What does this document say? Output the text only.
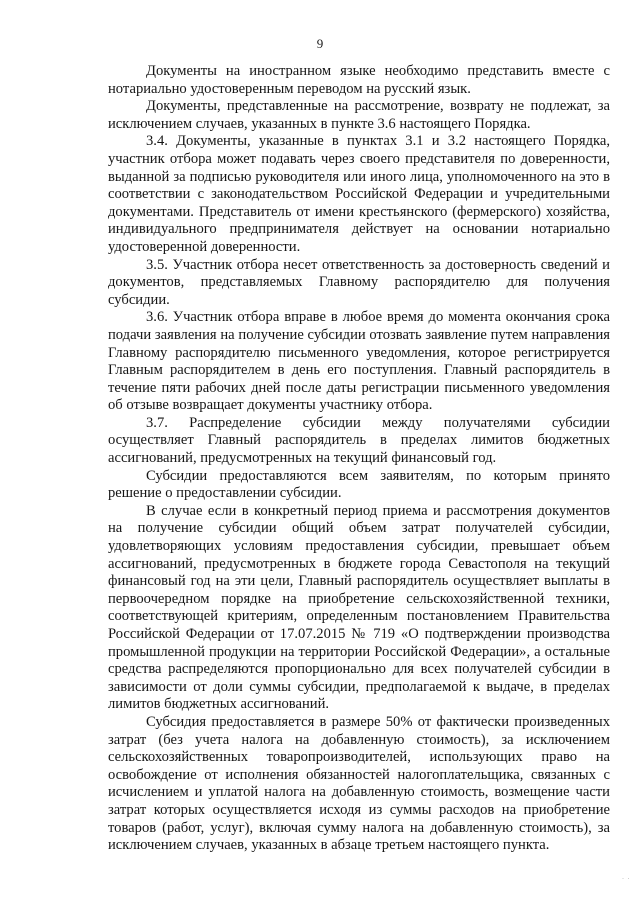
9

Документы на иностранном языке необходимо представить вместе с нотариально удостоверенным переводом на русский язык.

Документы, представленные на рассмотрение, возврату не подлежат, за исключением случаев, указанных в пункте 3.6 настоящего Порядка.

3.4. Документы, указанные в пунктах 3.1 и 3.2 настоящего Порядка, участник отбора может подавать через своего представителя по доверенности, выданной за подписью руководителя или иного лица, уполномоченного на это в соответствии с законодательством Российской Федерации и учредительными документами. Представитель от имени крестьянского (фермерского) хозяйства, индивидуального предпринимателя действует на основании нотариально удостоверенной доверенности.

3.5. Участник отбора несет ответственность за достоверность сведений и документов, представляемых Главному распорядителю для получения субсидии.

3.6. Участник отбора вправе в любое время до момента окончания срока подачи заявления на получение субсидии отозвать заявление путем направления Главному распорядителю письменного уведомления, которое регистрируется Главным распорядителем в день его поступления. Главный распорядитель в течение пяти рабочих дней после даты регистрации письменного уведомления об отзыве возвращает документы участнику отбора.

3.7. Распределение субсидии между получателями субсидии осуществляет Главный распорядитель в пределах лимитов бюджетных ассигнований, предусмотренных на текущий финансовый год.

Субсидии предоставляются всем заявителям, по которым принято решение о предоставлении субсидии.

В случае если в конкретный период приема и рассмотрения документов на получение субсидии общий объем затрат получателей субсидии, удовлетворяющих условиям предоставления субсидии, превышает объем ассигнований, предусмотренных в бюджете города Севастополя на текущий финансовый год на эти цели, Главный распорядитель осуществляет выплаты в первоочередном порядке на приобретение сельскохозяйственной техники, соответствующей критериям, определенным постановлением Правительства Российской Федерации от 17.07.2015 № 719 «О подтверждении производства промышленной продукции на территории Российской Федерации», а остальные средства распределяются пропорционально для всех получателей субсидии в зависимости от доли суммы субсидии, предполагаемой к выдаче, в пределах лимитов бюджетных ассигнований.

Субсидия предоставляется в размере 50% от фактически произведенных затрат (без учета налога на добавленную стоимость), за исключением сельскохозяйственных товаропроизводителей, использующих право на освобождение от исполнения обязанностей налогоплательщика, связанных с исчислением и уплатой налога на добавленную стоимость, возмещение части затрат которых осуществляется исходя из суммы расходов на приобретение товаров (работ, услуг), включая сумму налога на добавленную стоимость), за исключением случаев, указанных в абзаце третьем настоящего пункта.

· ·
